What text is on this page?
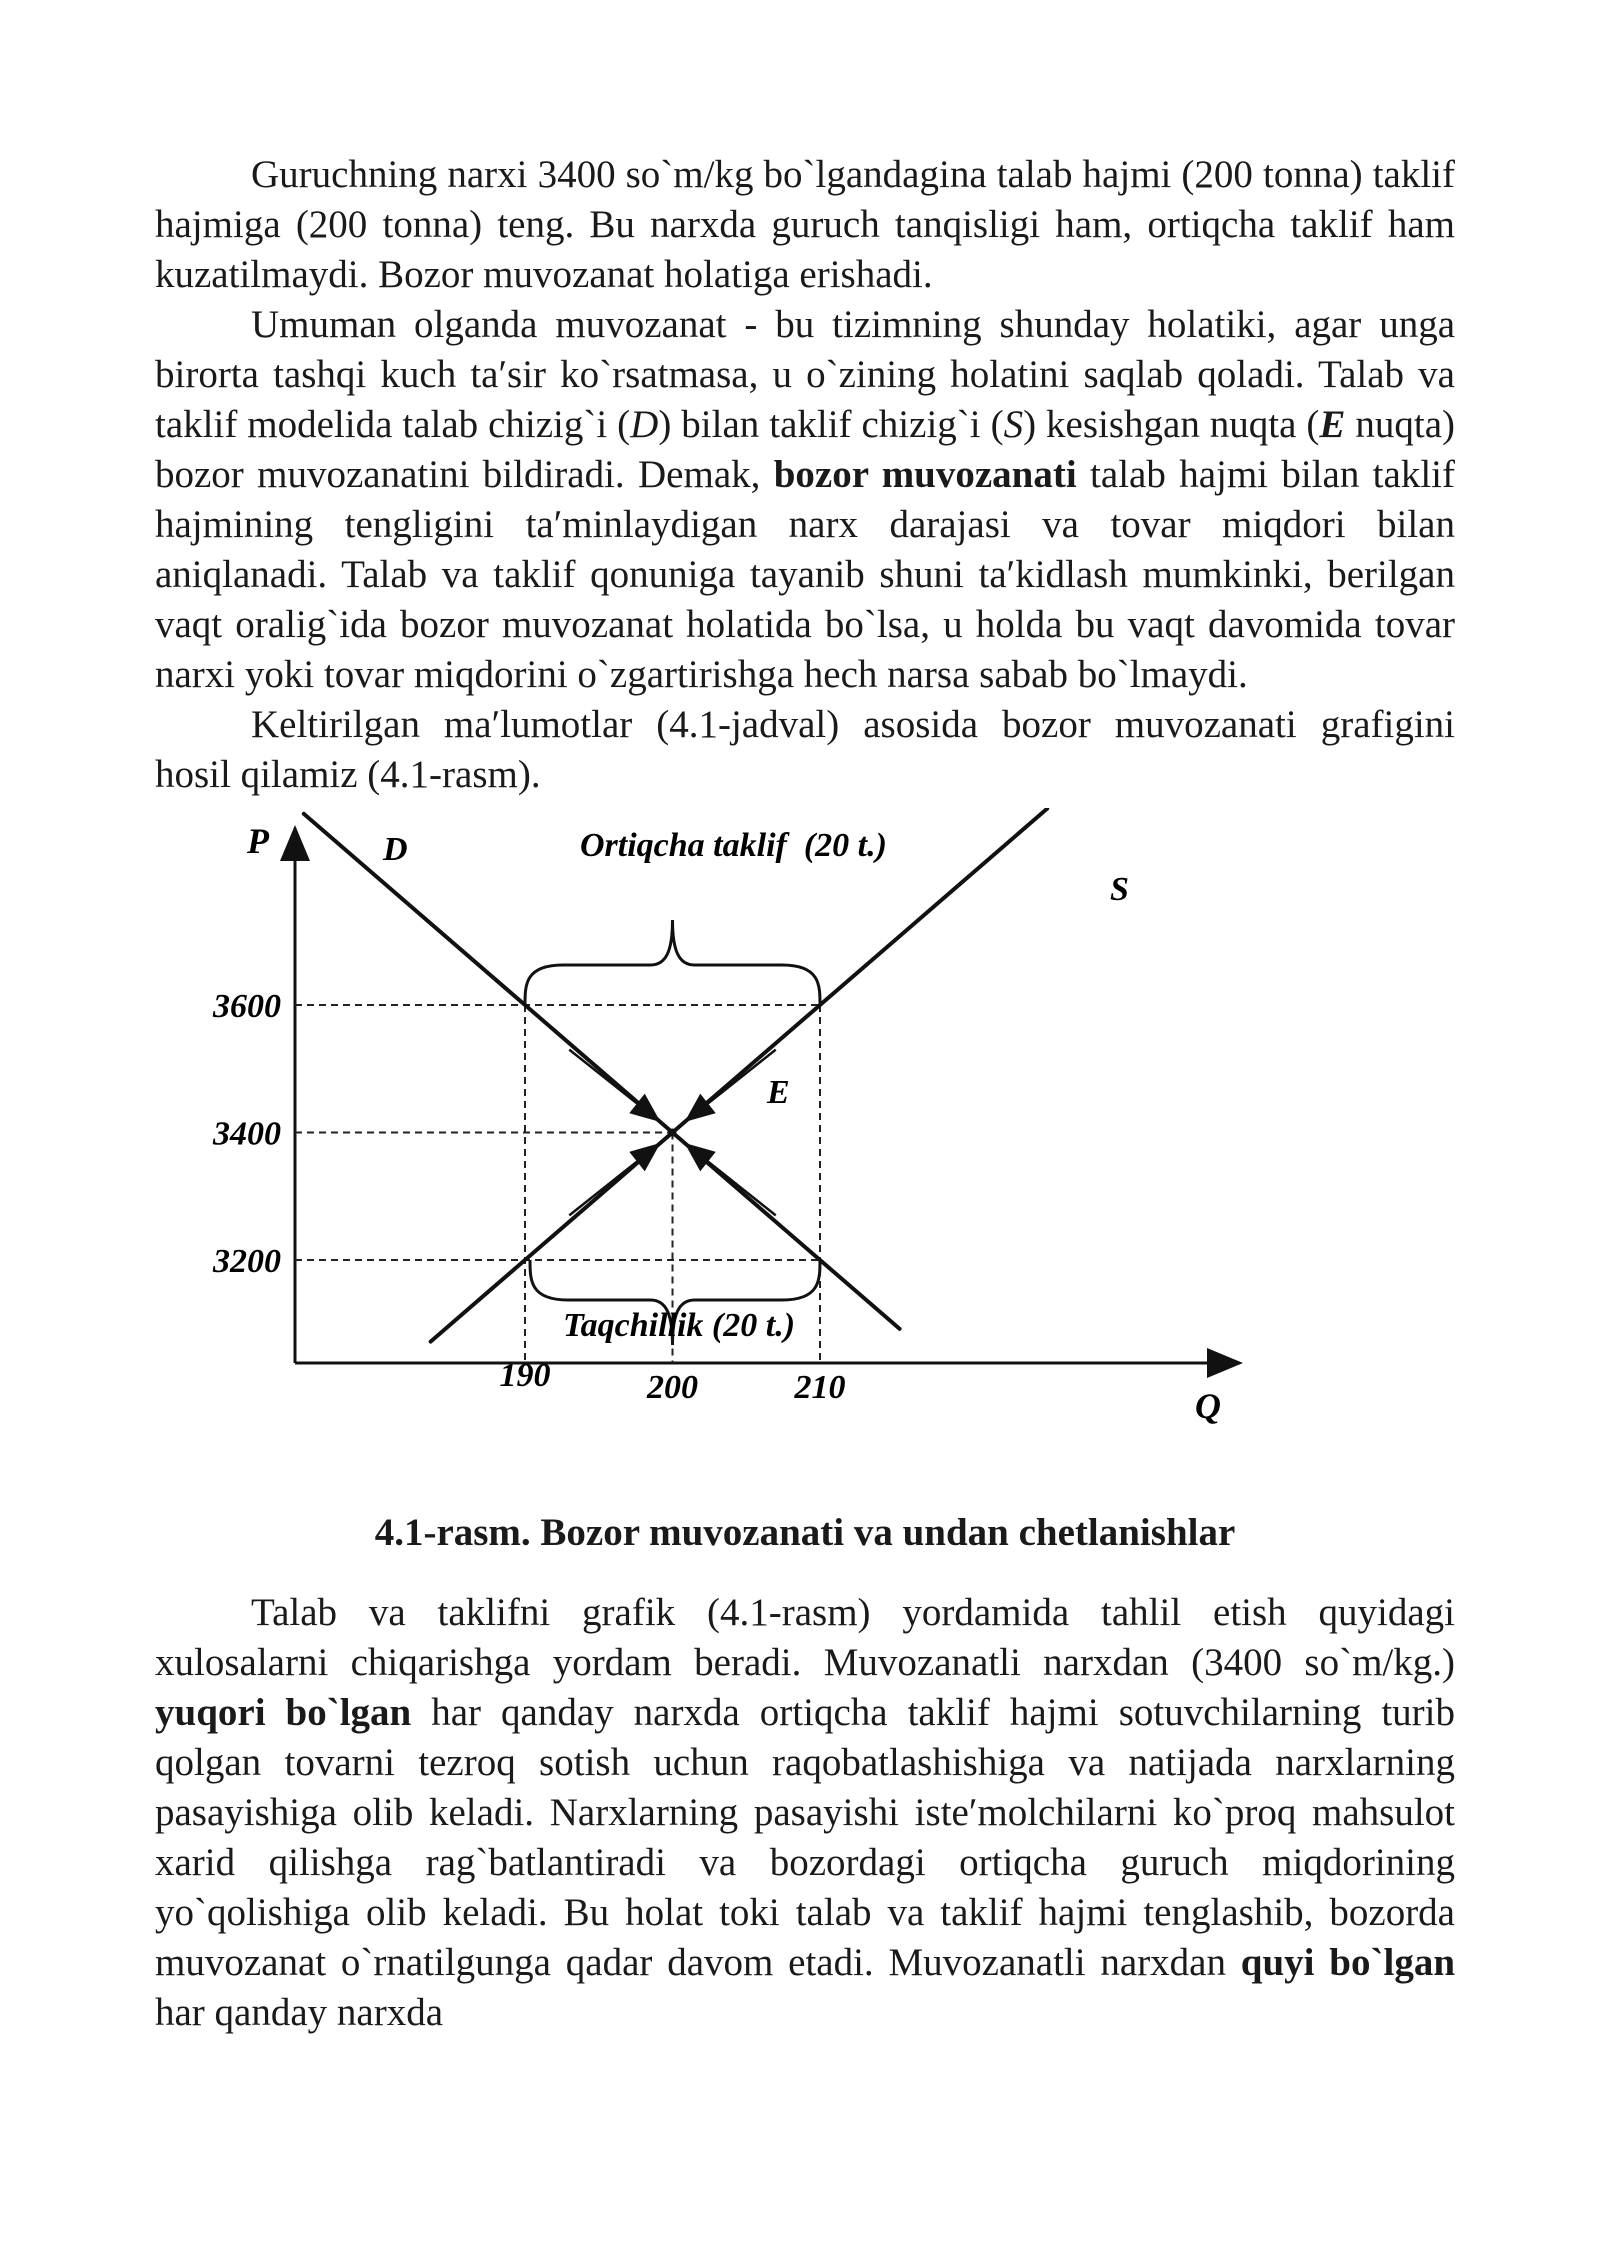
Guruchning narxi 3400 so`m/kg bo`lgandagina talab hajmi (200 tonna) taklif hajmiga (200 tonna) teng. Bu narxda guruch tanqisligi ham, ortiqcha taklif ham kuzatilmaydi. Bozor muvozanat holatiga erishadi.

Umuman olganda muvozanat - bu tizimning shunday holatiki, agar unga birorta tashqi kuch taʹsir ko`rsatmasa, u o`zining holatini saqlab qoladi. Talab va taklif modelida talab chizig`i (D) bilan taklif chizig`i (S) kesishgan nuqta (E nuqta) bozor muvozanatini bildiradi. Demak, bozor muvozanati talab hajmi bilan taklif hajmining tengligini taʹminlaydigan narx darajasi va tovar miqdori bilan aniqlanadi. Talab va taklif qonuniga tayanib shuni taʹkidlash mumkinki, berilgan vaqt oralig`ida bozor muvozanat holatida bo`lsa, u holda bu vaqt davomida tovar narxi yoki tovar miqdorini o`zgartirishga hech narsa sabab bo`lmaydi.

Keltirilgan maʹlumotlar (4.1-jadval) asosida bozor muvozanati grafigini hosil qilamiz (4.1-rasm).

P
Q
3600
3400
3200
190	200	210
D
S
E
Ortiqcha taklif  (20 t.)
Taqchillik (20 t.)
4.1-rasm. Bozor muvozanati va undan chetlanishlar

Talab va taklifni grafik (4.1-rasm) yordamida tahlil etish quyidagi xulosalarni chiqarishga yordam beradi. Muvozanatli narxdan (3400 so`m/kg.) yuqori bo`lgan har qanday narxda ortiqcha taklif hajmi sotuvchilarning turib qolgan tovarni tezroq sotish uchun raqobatlashishiga va natijada narxlarning pasayishiga olib keladi. Narxlarning pasayishi isteʹmolchilarni ko`proq mahsulot xarid qilishga rag`batlantiradi va bozordagi ortiqcha guruch miqdorining yo`qolishiga olib keladi. Bu holat toki talab va taklif hajmi tenglashib, bozorda muvozanat o`rnatilgunga qadar davom etadi. Muvozanatli narxdan quyi bo`lgan har qanday narxda
